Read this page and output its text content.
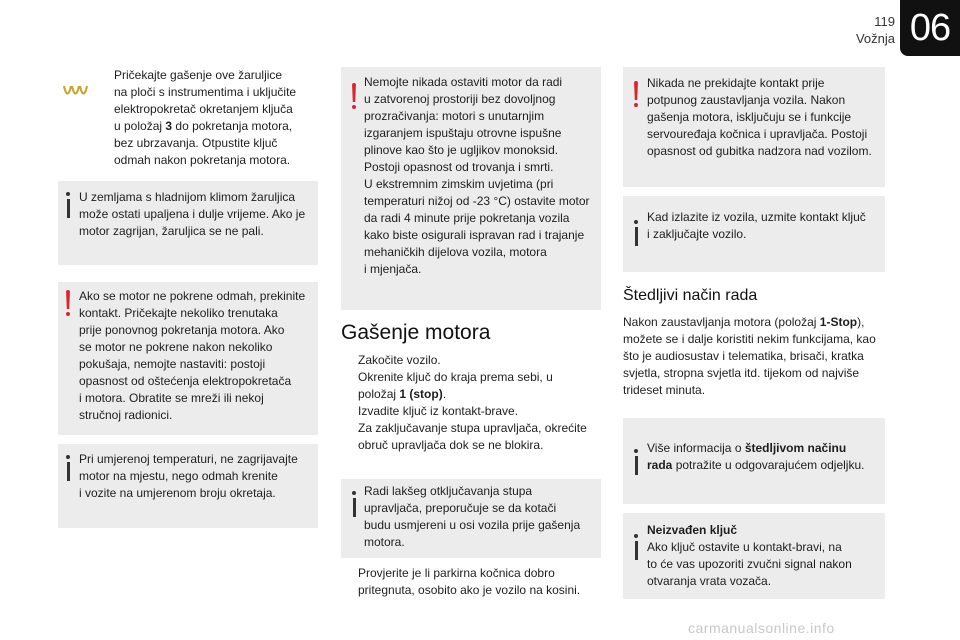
119
Vožnja 06
Pričekajte gašenje ove žaruljice
na ploči s instrumentima i uključite
elektropokretač okretanjem ključa
u položaj 3 do pokretanja motora,
bez ubrzavanja. Otpustite ključ
odmah nakon pokretanja motora.
U zemljama s hladnijom klimom žaruljica
može ostati upaljena i dulje vrijeme. Ako je
motor zagrijan, žaruljica se ne pali.
Ako se motor ne pokrene odmah, prekinite
kontakt. Pričekajte nekoliko trenutaka
prije ponovnog pokretanja motora. Ako
se motor ne pokrene nakon nekoliko
pokušaja, nemojte nastaviti: postoji
opasnost od oštećenja elektropokretača
i motora. Obratite se mreži ili nekoj
stručnoj radionici.
Pri umjerenoj temperaturi, ne zagrijavajte
motor na mjestu, nego odmah krenite
i vozite na umjerenom broju okretaja.
Nemojte nikada ostaviti motor da radi
u zatvorenoj prostoriji bez dovoljnog
prozračivanja: motori s unutarnjim
izgaranjem ispuštaju otrovne ispušne
plinove kao što je ugljikov monoksid.
Postoji opasnost od trovanja i smrti.
U ekstremnim zimskim uvjetima (pri
temperaturi nižoj od -23 °C) ostavite motor
da radi 4 minute prije pokretanja vozila
kako biste osigurali ispravan rad i trajanje
mehaničkih dijelova vozila, motora
i mjenjača.
Gašenje motora
Zakočite vozilo.
Okrenite ključ do kraja prema sebi, u
položaj 1 (stop).
Izvadite ključ iz kontakt-brave.
Za zaključavanje stupa upravljača, okrećite
obruč upravljača dok se ne blokira.
Radi lakšeg otključavanja stupa
upravljača, preporučuje se da kotači
budu usmjereni u osi vozila prije gašenja
motora.
Provjerite je li parkirna kočnica dobro
pritegnuta, osobito ako je vozilo na kosini.
Nikada ne prekidajte kontakt prije
potpunog zaustavljanja vozila. Nakon
gašenja motora, isključuju se i funkcije
servouređaja kočnica i upravljača. Postoji
opasnost od gubitka nadzora nad vozilom.
Kad izlazite iz vozila, uzmite kontakt ključ
i zaključajte vozilo.
Štedljivi način rada
Nakon zaustavljanja motora (položaj 1-Stop),
možete se i dalje koristiti nekim funkcijama, kao
što je audiosustav i telematika, brisači, kratka
svjetla, stropna svjetla itd. tijekom od najviše
trideset minuta.
Više informacija o štedljivom načinu
rada potražite u odgovarajućem odjeljku.
Neizvađen ključ
Ako ključ ostavite u kontakt-bravi, na
to će vas upozoriti zvučni signal nakon
otvaranja vrata vozača.
carmanualsonline.info
